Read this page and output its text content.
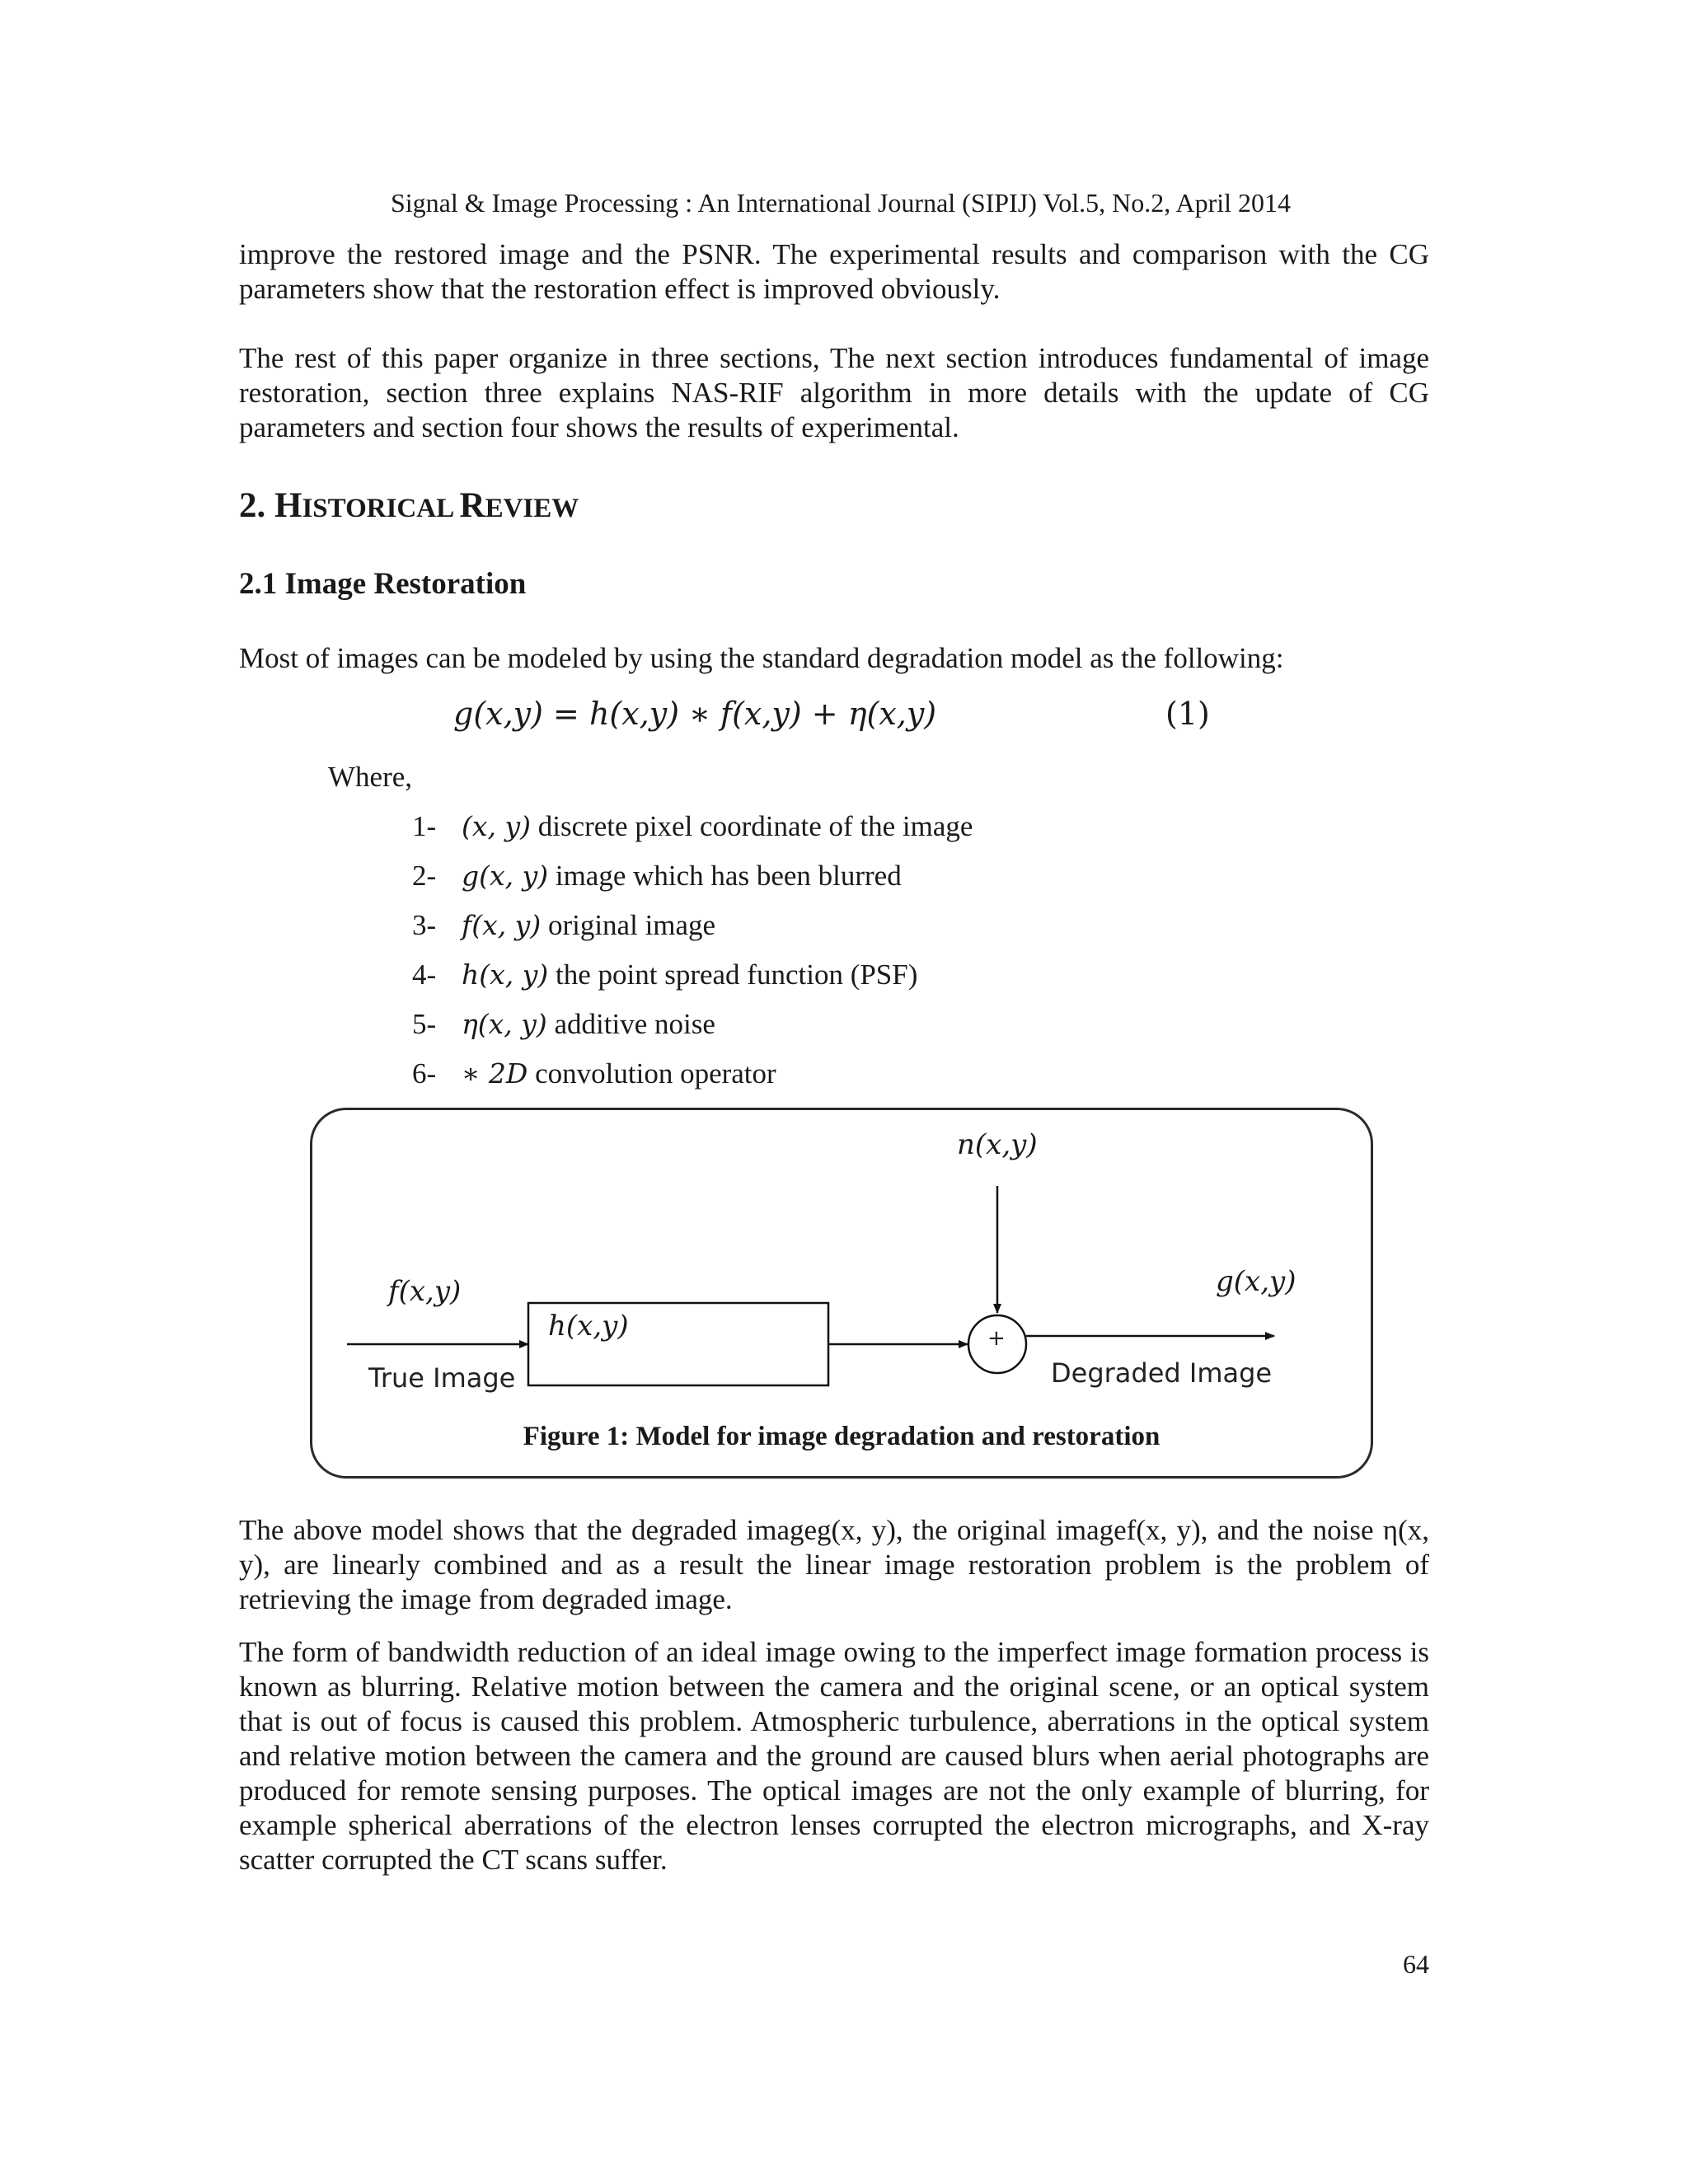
Signal & Image Processing : An International Journal (SIPIJ) Vol.5, No.2, April 2014

improve the restored image and the PSNR. The experimental results and comparison with the CG parameters show that the restoration effect is improved obviously.

The rest of this paper organize in three sections, The next section introduces fundamental of image restoration, section three explains NAS-RIF algorithm in more details with the update of CG parameters and section four shows the results of experimental.

2. HISTORICAL REVIEW
2.1 Image Restoration

Most of images can be modeled by using the standard degradation model as the following:

g(x,y) = h(x,y) ∗ f(x,y) + η(x,y)	(1)
Where,
1- (x, y) discrete pixel coordinate of the image
2- g(x, y) image which has been blurred
3- f(x, y) original image
4- h(x, y) the point spread function (PSF)
5- η(x, y) additive noise
6- ∗ 2D convolution operator
f(x,y)
True Image
h(x,y)
n(x,y)
+
g(x,y)
Degraded Image
Figure 1: Model for image degradation and restoration

The above model shows that the degraded imageg(x, y), the original imagef(x, y), and the noise η(x, y), are linearly combined and as a result the linear image restoration problem is the problem of retrieving the image from degraded image.

The form of bandwidth reduction of an ideal image owing to the imperfect image formation process is known as blurring. Relative motion between the camera and the original scene, or an optical system that is out of focus is caused this problem. Atmospheric turbulence, aberrations in the optical system and relative motion between the camera and the ground are caused blurs when aerial photographs are produced for remote sensing purposes. The optical images are not the only example of blurring, for example spherical aberrations of the electron lenses corrupted the electron micrographs, and X-ray scatter corrupted the CT scans suffer.

64
